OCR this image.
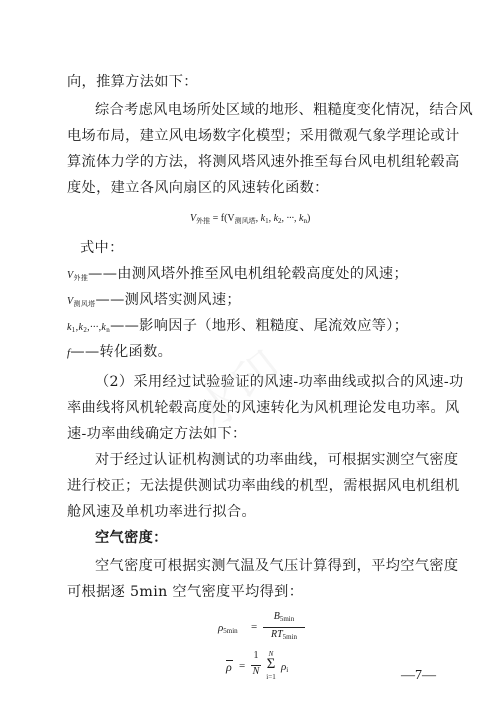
向，推算方法如下：
综合考虑风电场所处区域的地形、粗糙度变化情况，结合风
电场布局，建立风电场数字化模型；采用微观气象学理论或计
算流体力学的方法，将测风塔风速外推至每台风电机组轮毂高
度处，建立各风向扇区的风速转化函数：
$V_{外推} = f(V_{测风塔}$, $k_1$, $k_2$, ···, $k_n$)
式中：
$V_{外推}——$由测风塔外推至风电机组轮毂高度处的风速；
$V_{测风塔}——$测风塔实测风速；
$k_1,k_2,\cdot\cdot\cdot,k_n——$影响因子（地形、粗糙度、尾流效应等）；
f——转化函数。
（2）采用经过试验验证的风速-功率曲线或拟合的风速-功
率曲线将风机轮毂高度处的风速转化为风机理论发电功率。风
速-功率曲线确定方法如下：
对于经过认证机构测试的功率曲线，可根据实测空气密度
进行校正；无法提供测试功率曲线的机型，需根据风电机组机
舱风速及单机功率进行拟合。
空气密度：
空气密度可根据实测气温及气压计算得到，平均空气密度
可根据逐 5min 空气密度平均得到：
$\rho_{5min}$ =
$B_{5min}$
$RT_{5min}$
ρ =
1
N
N
Σ
i=1
$\rho_i$	—7—
水印
